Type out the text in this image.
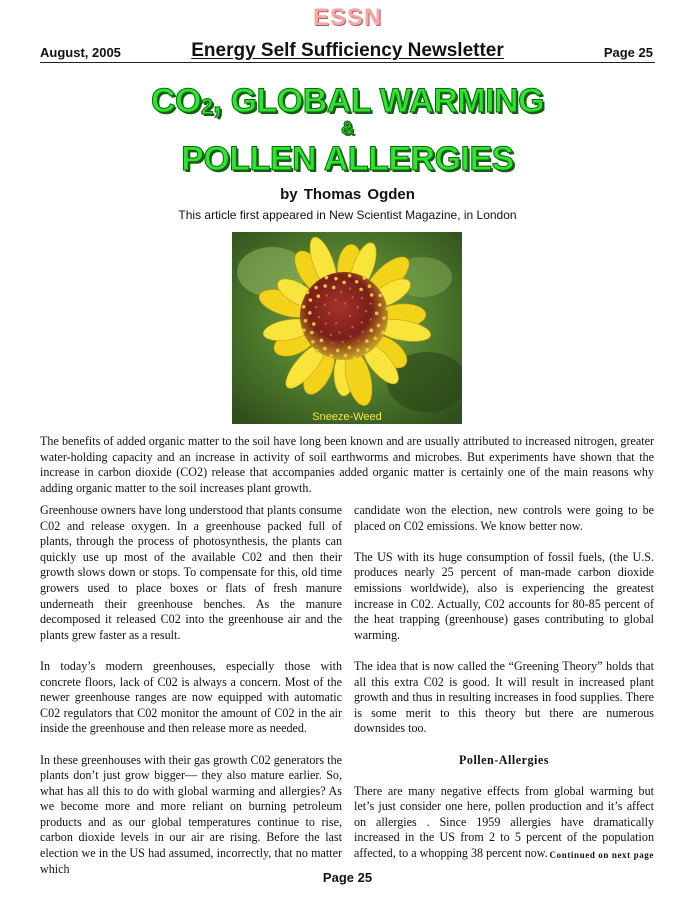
ESSN
August, 2005	Energy Self Sufficiency Newsletter	Page 25
CO2, GLOBAL WARMING
&
POLLEN ALLERGIES
by Thomas Ogden
This article first appeared in New Scientist Magazine, in London
Sneeze-Weed
The benefits of added organic matter to the soil have long been known and are usually attributed to increased nitrogen, greater water-holding capacity and an increase in activity of soil earthworms and microbes. But experiments have shown that the increase in carbon dioxide (CO2) release that accompanies added organic matter is certainly one of the main reasons why adding organic matter to the soil increases plant growth.

Greenhouse owners have long understood that plants consume C02 and release oxygen. In a greenhouse packed full of plants, through the process of photosynthesis, the plants can quickly use up most of the available C02 and then their growth slows down or stops. To compensate for this, old time growers used to place boxes or flats of fresh manure underneath their greenhouse benches. As the manure decomposed it released C02 into the greenhouse air and the plants grew faster as a result.

In today’s modern greenhouses, especially those with concrete floors, lack of C02 is always a concern. Most of the newer greenhouse ranges are now equipped with automatic C02 regulators that C02 monitor the amount of C02 in the air inside the greenhouse and then release more as needed.

In these greenhouses with their gas growth C02 generators the plants don’t just grow bigger— they also mature earlier. So, what has all this to do with global warming and allergies? As we become more and more reliant on burning petroleum products and as our global temperatures continue to rise, carbon dioxide levels in our air are rising. Before the last election we in the US had assumed, incorrectly, that no matter which

candidate won the election, new controls were going to be placed on C02 emissions. We know better now.

The US with its huge consumption of fossil fuels, (the U.S. produces nearly 25 percent of man-made carbon dioxide emissions worldwide), also is experiencing the greatest increase in C02. Actually, C02 accounts for 80-85 percent of the heat trapping (greenhouse) gases contributing to global warming.

The idea that is now called the “Greening Theory” holds that all this extra C02 is good. It will result in increased plant growth and thus in resulting increases in food supplies. There is some merit to this theory but there are numerous downsides too.

Pollen-Allergies

There are many negative effects from global warming but let’s just consider one here, pollen production and it’s affect on allergies . Since 1959 allergies have dramatically increased in the US from 2 to 5 percent of the population affected, to a whopping 38 percent now. Continued on next page
Page 25
